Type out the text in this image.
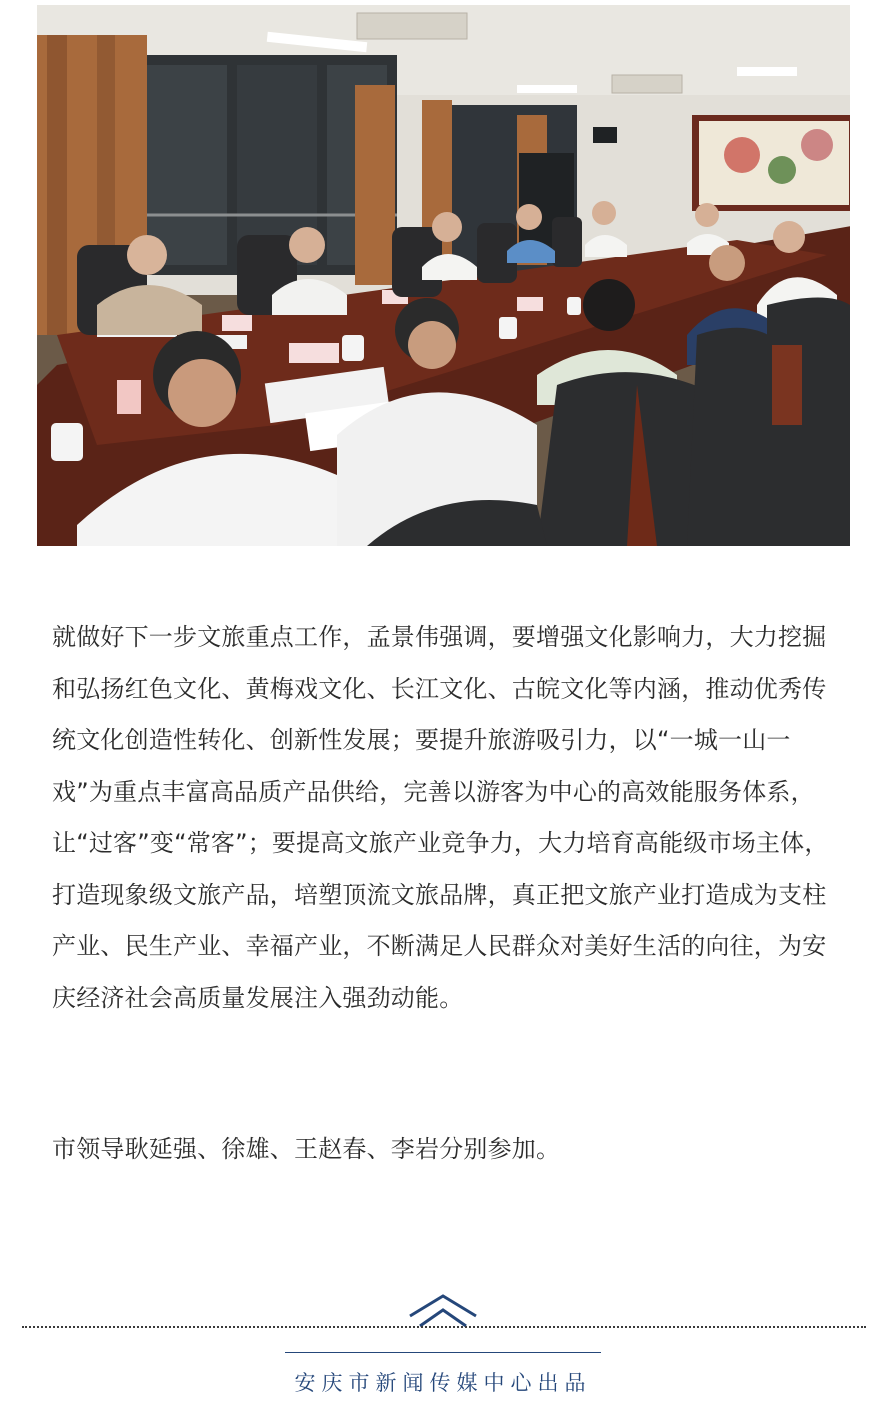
就做好下一步文旅重点工作，孟景伟强调，要增强文化影响力，大力挖掘和弘扬红色文化、黄梅戏文化、长江文化、古皖文化等内涵，推动优秀传统文化创造性转化、创新性发展；要提升旅游吸引力，以“一城一山一戏”为重点丰富高品质产品供给，完善以游客为中心的高效能服务体系，让“过客”变“常客”；要提高文旅产业竞争力，大力培育高能级市场主体，打造现象级文旅产品，培塑顶流文旅品牌，真正把文旅产业打造成为支柱产业、民生产业、幸福产业，不断满足人民群众对美好生活的向往，为安庆经济社会高质量发展注入强劲动能。

市领导耿延强、徐雄、王赵春、李岩分别参加。

安庆市新闻传媒中心出品
